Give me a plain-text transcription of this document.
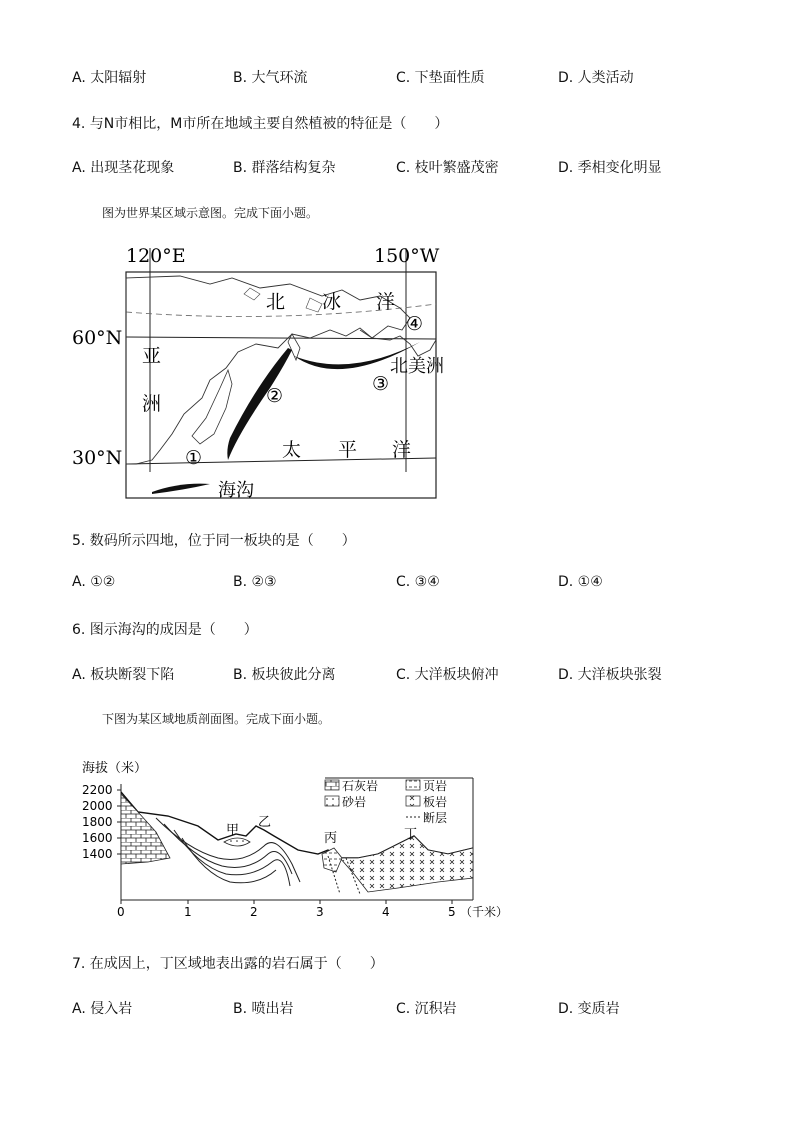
A. 太阳辐射	B. 大气环流	C. 下垫面性质	D. 人类活动
4. 与N市相比，M市所在地域主要自然植被的特征是（　　）
A. 出现茎花现象	B. 群落结构复杂	C. 枝叶繁盛茂密	D. 季相变化明显
图为世界某区域示意图。完成下面小题。
120°E	150°W
60°N
30°N
北 冰 洋
亚
洲
北美洲
太 平 洋
①
②
③
④
海沟
5. 数码所示四地，位于同一板块的是（　　）
A. ①②	B. ②③	C. ③④	D. ①④
6. 图示海沟的成因是（　　）
A. 板块断裂下陷	B. 板块彼此分离	C. 大洋板块俯冲	D. 大洋板块张裂
下图为某区域地质剖面图。完成下面小题。
海拔（米）
2200
2000
1800
1600
1400
0	1	2	3	4	5 （千米）
甲
乙
丙	丁
石灰岩	页岩
砂岩	板岩
断层
7. 在成因上，丁区域地表出露的岩石属于（　　）
A. 侵入岩	B. 喷出岩	C. 沉积岩	D. 变质岩
